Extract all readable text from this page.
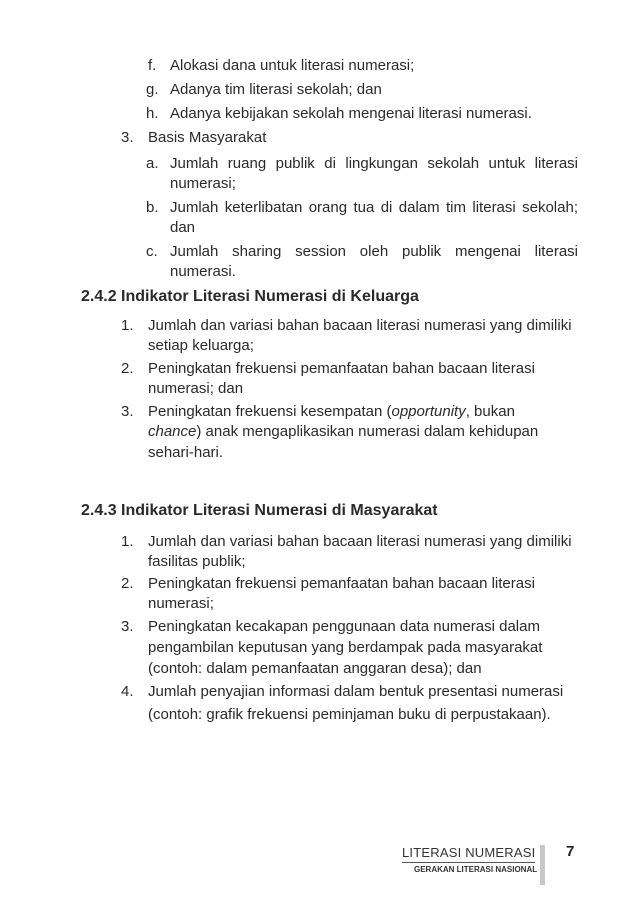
f. Alokasi dana untuk literasi numerasi;
g. Adanya tim literasi sekolah; dan
h. Adanya kebijakan sekolah mengenai literasi numerasi.
3. Basis Masyarakat
a. Jumlah ruang publik di lingkungan sekolah untuk literasi
numerasi;
b. Jumlah keterlibatan orang tua di dalam tim literasi sekolah;
dan
c. Jumlah sharing session oleh publik mengenai literasi
numerasi.
2.4.2 Indikator Literasi Numerasi di Keluarga
1. Jumlah dan variasi bahan bacaan literasi numerasi yang dimiliki
setiap keluarga;
2. Peningkatan frekuensi pemanfaatan bahan bacaan literasi
numerasi; dan
3. Peningkatan frekuensi kesempatan (opportunity, bukan
chance) anak mengaplikasikan numerasi dalam kehidupan
sehari-hari.
2.4.3 Indikator Literasi Numerasi di Masyarakat
1. Jumlah dan variasi bahan bacaan literasi numerasi yang dimiliki
fasilitas publik;
2. Peningkatan frekuensi pemanfaatan bahan bacaan literasi
numerasi;
3. Peningkatan kecakapan penggunaan data numerasi dalam
pengambilan keputusan yang berdampak pada masyarakat
(contoh: dalam pemanfaatan anggaran desa); dan
4. Jumlah penyajian informasi dalam bentuk presentasi numerasi
(contoh: grafik frekuensi peminjaman buku di perpustakaan).
LITERASI NUMERASI
GERAKAN LITERASI NASIONAL
7
